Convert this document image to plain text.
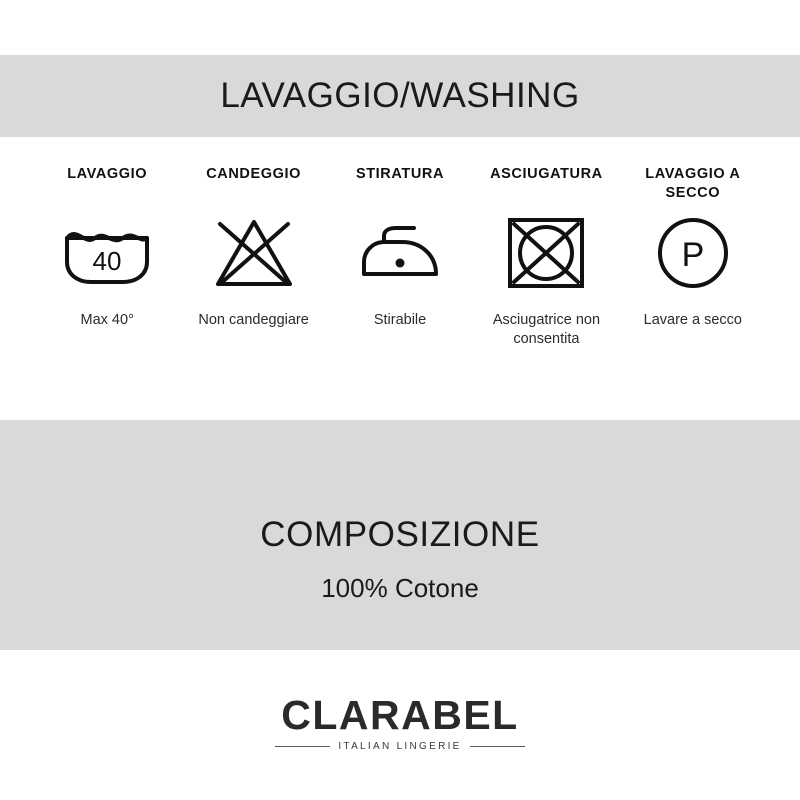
LAVAGGIO/WASHING
LAVAGGIO
40
Max 40°
CANDEGGIO
Non candeggiare
STIRATURA
Stirabile
ASCIUGATURA
Asciugatrice non consentita
LAVAGGIO A SECCO
P
Lavare a secco
COMPOSIZIONE
100% Cotone
CLARABEL
ITALIAN LINGERIE
